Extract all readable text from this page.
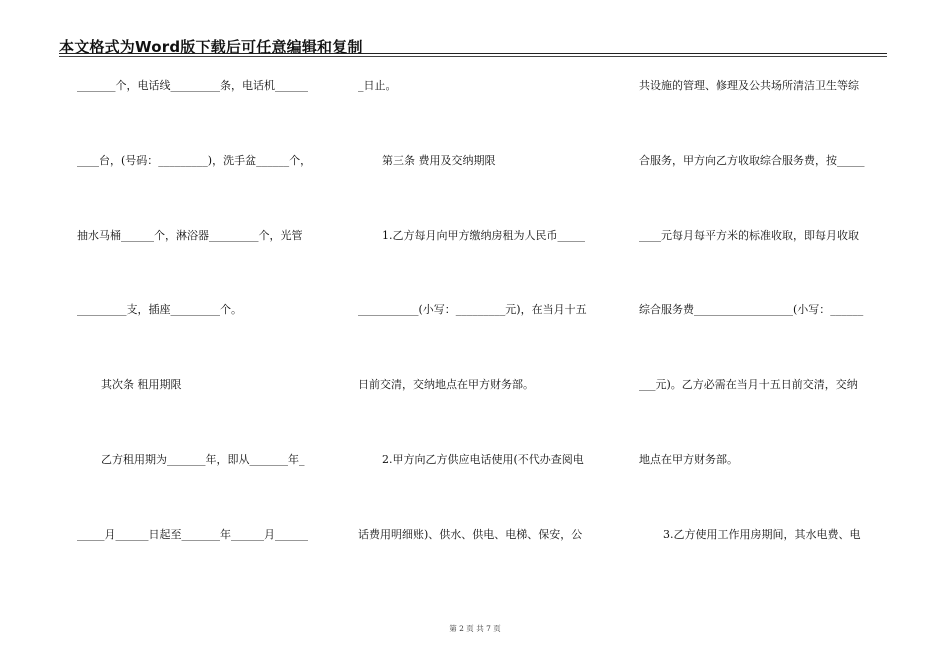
本文格式为Word版下载后可任意编辑和复制
_______个，电话线_________条，电话机______
____台，(号码：_________)，洗手盆______个，
抽水马桶______个，淋浴器_________个，光管
_________支，插座_________个。
其次条 租用期限
乙方租用期为_______年，即从_______年_
_____月______日起至_______年______月______
_日止。
第三条 费用及交纳期限
1.乙方每月向甲方缴纳房租为人民币_____
___________(小写：_________元)，在当月十五
日前交清，交纳地点在甲方财务部。
2.甲方向乙方供应电话使用(不代办查阅电
话费用明细账)、供水、供电、电梯、保安，公
共设施的管理、修理及公共场所清洁卫生等综
合服务，甲方向乙方收取综合服务费，按_____
____元每月每平方米的标准收取，即每月收取
综合服务费__________________(小写：______
___元)。乙方必需在当月十五日前交清，交纳
地点在甲方财务部。
3.乙方使用工作用房期间，其水电费、电
第 2 页 共 7 页
